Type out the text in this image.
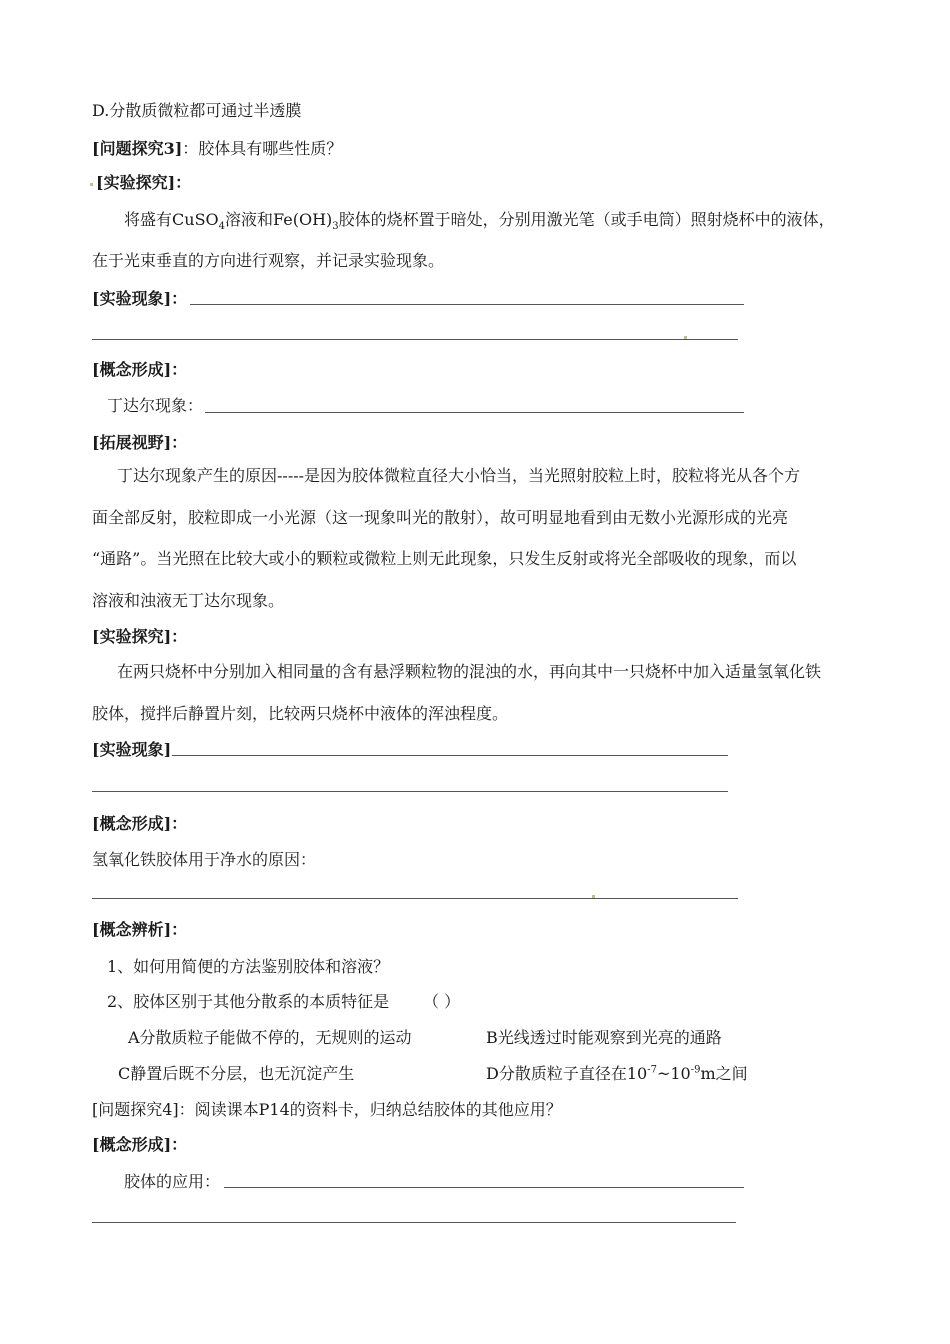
D.分散质微粒都可通过半透膜
[问题探究3]：胶体具有哪些性质？
[实验探究]：
将盛有CuSO$_4$溶液和$Fe(OH)_3$胶体的烧杯置于暗处，分别用激光笔（或手电筒）照射烧杯中的液体，
在于光束垂直的方向进行观察，并记录实验现象。
[实验现象]：
[概念形成]：
丁达尔现象：
[拓展视野]：
丁达尔现象产生的原因-----是因为胶体微粒直径大小恰当，当光照射胶粒上时，胶粒将光从各个方
面全部反射，胶粒即成一小光源（这一现象叫光的散射），故可明显地看到由无数小光源形成的光亮
“通路”。当光照在比较大或小的颗粒或微粒上则无此现象，只发生反射或将光全部吸收的现象，而以
溶液和浊液无丁达尔现象。
[实验探究]：
在两只烧杯中分别加入相同量的含有悬浮颗粒物的混浊的水，再向其中一只烧杯中加入适量氢氧化铁
胶体，搅拌后静置片刻，比较两只烧杯中液体的浑浊程度。
[实验现象]
[概念形成]：
氢氧化铁胶体用于净水的原因：
[概念辨析]：
1、如何用简便的方法鉴别胶体和溶液？
2、胶体区别于其他分散系的本质特征是 （ ）
A分散质粒子能做不停的，无规则的运动	B光线透过时能观察到光亮的通路
C静置后既不分层，也无沉淀产生	D分散质粒子直径在$10^{-7}\sim 10^{-9}m$之间
[问题探究4]：阅读课本P14的资料卡，归纳总结胶体的其他应用？
[概念形成]：
胶体的应用：
